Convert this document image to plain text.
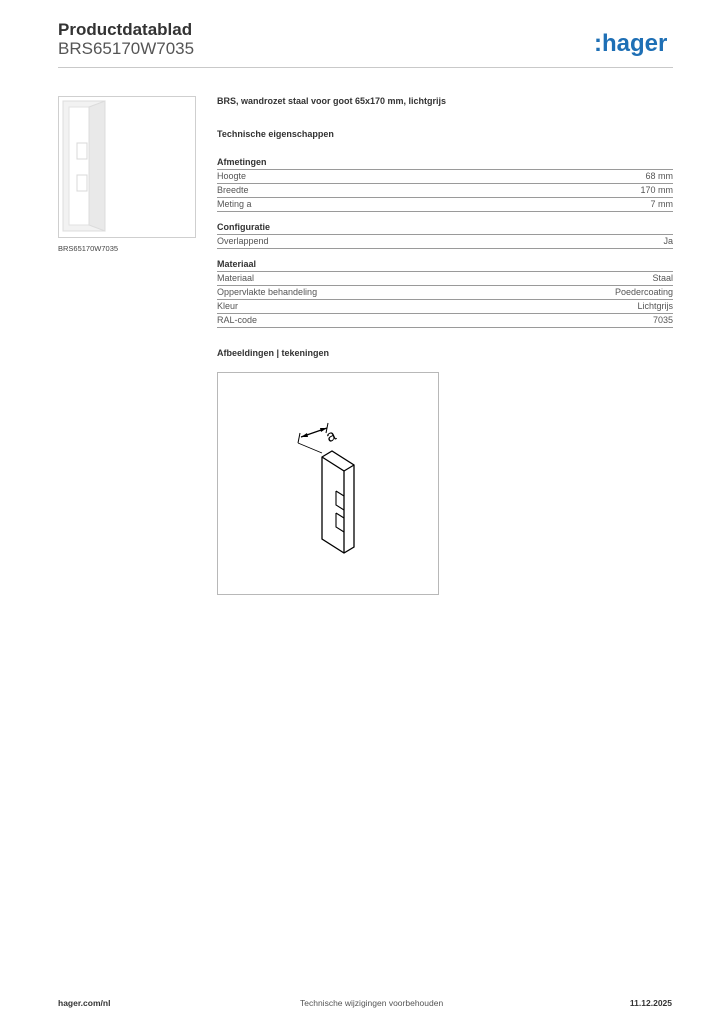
Productdatablad
BRS65170W7035	:hager
BRS65170W7035
BRS, wandrozet staal voor goot 65x170 mm, lichtgrijs
Technische eigenschappen
Afmetingen
Hoogte	68 mm
Breedte	170 mm
Meting a	7 mm
Configuratie
Overlappend	Ja
Materiaal
Materiaal	Staal
Oppervlakte behandeling	Poedercoating
Kleur	Lichtgrijs
RAL-code	7035
Afbeeldingen | tekeningen
a
hager.com/nl	Technische wijzigingen voorbehouden	11.12.2025
